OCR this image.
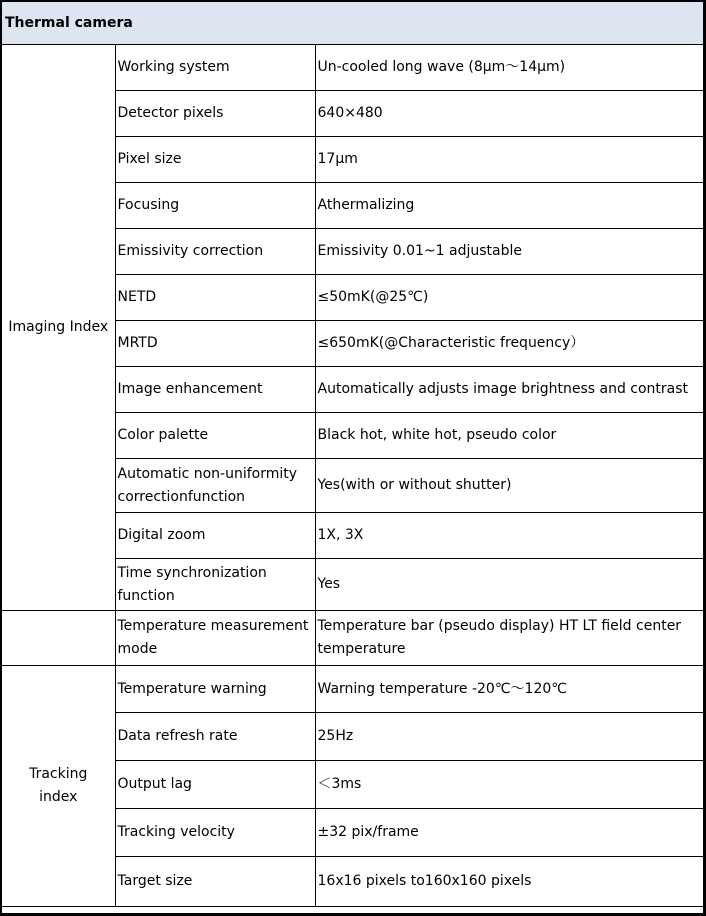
Thermal camera		
Imaging Index	Working system	Un-cooled long wave (8μm～14μm)
	Detector pixels	640×480
	Pixel size	17μm
	Focusing	Athermalizing
	Emissivity correction	Emissivity 0.01~1 adjustable
	NETD	≤50mK(@25℃)
	MRTD	≤650mK(@Characteristic frequency）
	Image enhancement	Automatically adjusts image brightness and contrast
	Color palette	Black hot, white hot, pseudo color
	Automatic non-uniformity correctionfunction	Yes(with or without shutter)
	Digital zoom	1X, 3X
	Time synchronization function	Yes
	Temperature measurement mode	Temperature bar (pseudo display) HT LT field center temperature

Tracking index	Temperature warning	Warning temperature -20℃～120℃
	Data refresh rate	25Hz
	Output lag	＜3ms
	Tracking velocity	±32 pix/frame
	Target size	16x16 pixels to160x160 pixels
